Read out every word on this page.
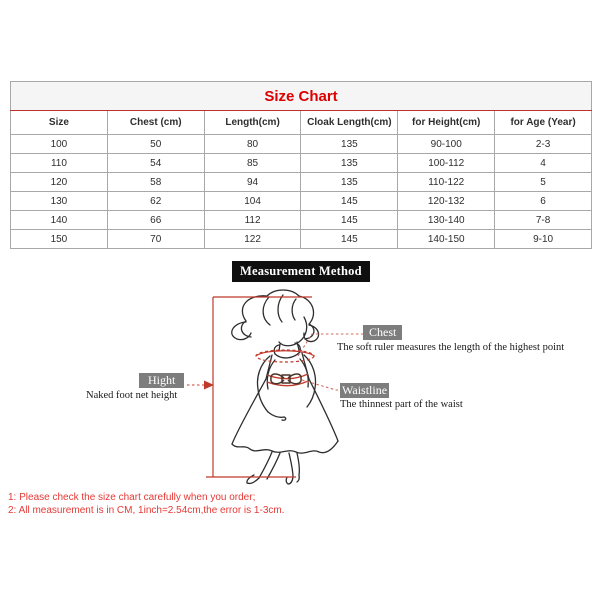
Size Chart					
Size	Chest (cm)	Length(cm)	Cloak Length(cm)	for Height(cm)	for Age (Year)
100	50	80	135	90-100	2-3
110	54	85	135	100-112	4
120	58	94	135	110-122	5
130	62	104	145	120-132	6
140	66	112	145	130-140	7-8
150	70	122	145	140-150	9-10
Measurement Method
Chest
The soft ruler measures the length of the highest point
Waistline
The thinnest part of the waist
Hight
Naked foot net height
1: Please check the size chart carefully when you order;
2: All measurement is in CM, 1inch=2.54cm,the error is 1-3cm.
